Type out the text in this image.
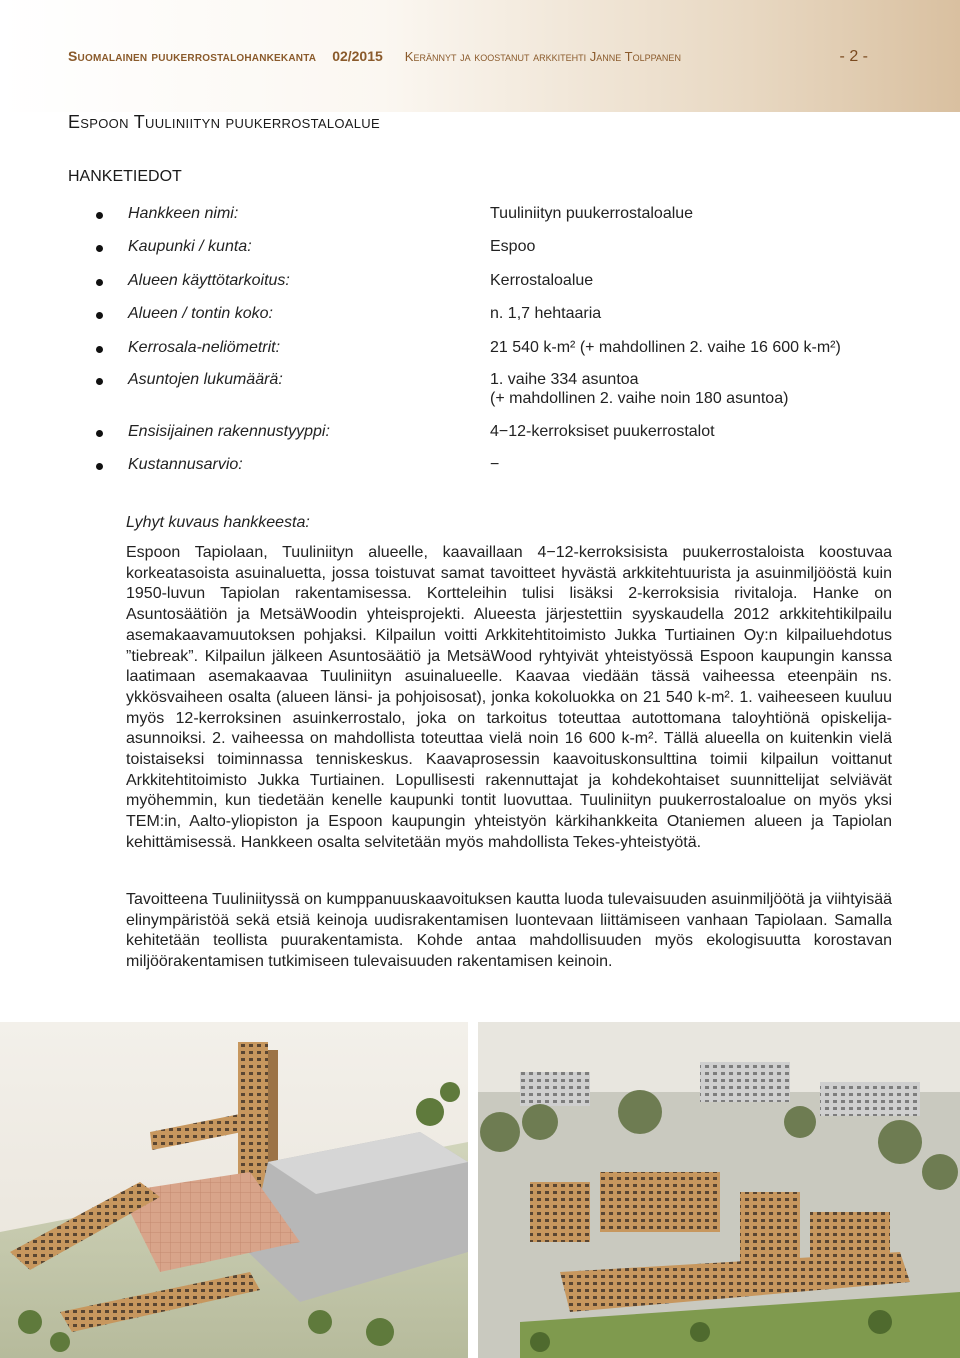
Suomalainen puukerrostalohankekanta 02/2015 Kerännyt ja koostanut arkkitehti Janne Tolppanen	- 2 -
Espoon Tuuliniityn puukerrostaloalue
HANKETIEDOT
Hankkeen nimi:	Tuuliniityn puukerrostaloalue
Kaupunki / kunta:	Espoo
Alueen käyttötarkoitus:	Kerrostaloalue
Alueen / tontin koko:	n. 1,7 hehtaaria
Kerrosala-neliömetrit:	21 540 k-m² (+ mahdollinen 2. vaihe 16 600 k-m²)
Asuntojen lukumäärä:	1. vaihe 334 asuntoa
(+ mahdollinen 2. vaihe noin 180 asuntoa)
Ensisijainen rakennustyyppi:	4−12-kerroksiset puukerrostalot
Kustannusarvio:	−

Lyhyt kuvaus hankkeesta:

Espoon Tapiolaan, Tuuliniityn alueelle, kaavaillaan 4−12-kerroksisista puukerrostaloista koostuvaa korkeatasoista asuinaluetta, jossa toistuvat samat tavoitteet hyvästä arkkitehtuurista ja asuinmiljööstä kuin 1950-luvun Tapiolan rakentamisessa. Kortteleihin tulisi lisäksi 2-kerroksisia rivitaloja. Hanke on Asuntosäätiön ja MetsäWoodin yhteisprojekti. Alueesta järjestettiin syyskaudella 2012 arkkitehtikilpailu asemakaavamuutoksen pohjaksi. Kilpailun voitti Arkkitehtitoimisto Jukka Turtiainen Oy:n kilpailuehdotus ”tiebreak”. Kilpailun jälkeen Asuntosäätiö ja MetsäWood ryhtyivät yhteistyössä Espoon kaupungin kanssa laatimaan asemakaavaa Tuuliniityn asuinalueelle. Kaavaa viedään tässä vaiheessa eteenpäin ns. ykkösvaiheen osalta (alueen länsi- ja pohjoisosat), jonka kokoluokka on 21 540 k-m². 1. vaiheeseen kuuluu myös 12-kerroksinen asuinkerrostalo, joka on tarkoitus toteuttaa autottomana taloyhtiönä opiskelija-asunnoiksi. 2. vaiheessa on mahdollista toteuttaa vielä noin 16 600 k-m². Tällä alueella on kuitenkin vielä toistaiseksi toiminnassa tenniskeskus. Kaavaprosessin kaavoituskonsulttina toimii kilpailun voittanut Arkkitehtitoimisto Jukka Turtiainen. Lopullisesti rakennuttajat ja kohdekohtaiset suunnittelijat selviävät myöhemmin, kun tiedetään kenelle kaupunki tontit luovuttaa. Tuuliniityn puukerrostaloalue on myös yksi TEM:in, Aalto-yliopiston ja Espoon kaupungin yhteistyön kärkihankkeita Otaniemen alueen ja Tapiolan kehittämisessä. Hankkeen osalta selvitetään myös mahdollista Tekes-yhteistyötä.

Tavoitteena Tuuliniityssä on kumppanuuskaavoituksen kautta luoda tulevaisuuden asuinmiljöötä ja viihtyisää elinympäristöä sekä etsiä keinoja uudisrakentamisen luontevaan liittämiseen vanhaan Tapiolaan. Samalla kehitetään teollista puurakentamista. Kohde antaa mahdollisuuden myös ekologisuutta korostavan miljöörakentamisen tutkimiseen tulevaisuuden rakentamisen keinoin.
